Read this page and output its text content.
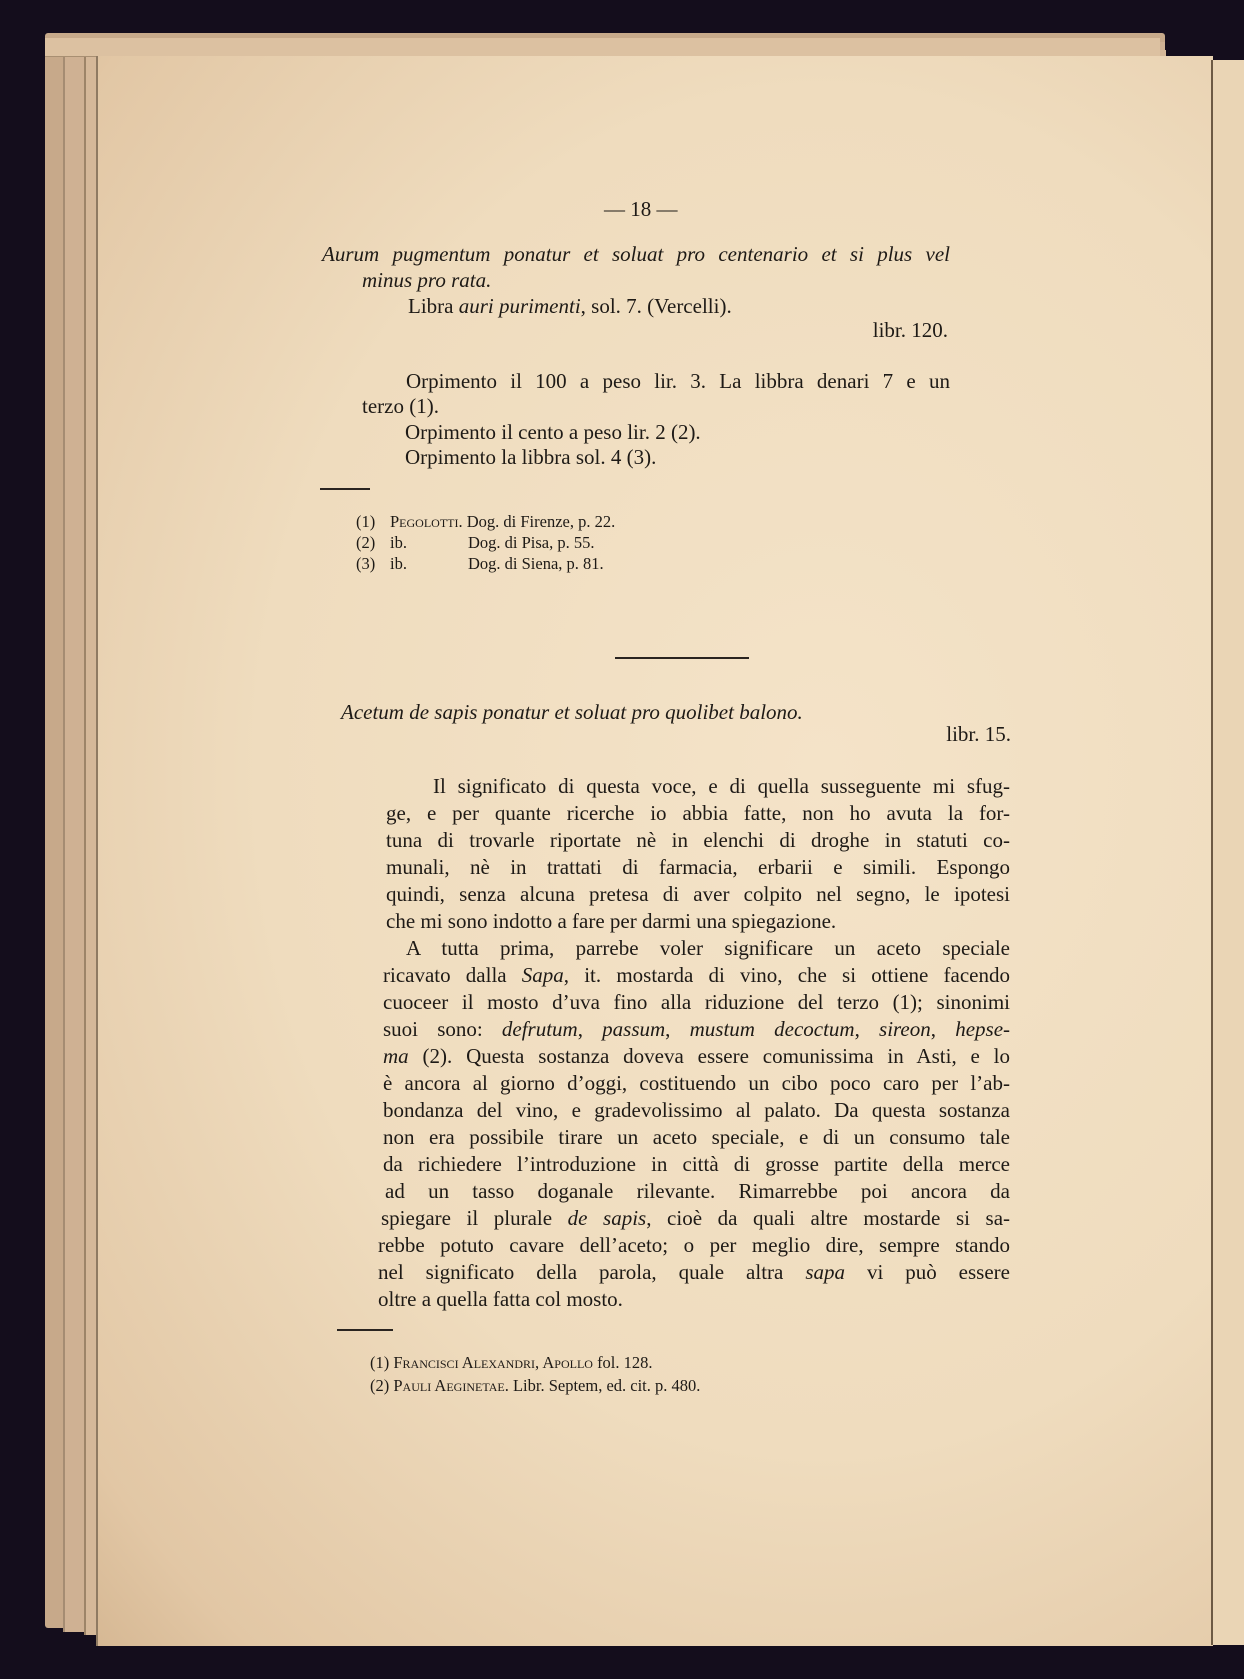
— 18 —
Aurum pugmentum ponatur et soluat pro centenario et si plus vel
minus pro rata.
Libra auri purimenti, sol. 7. (Vercelli).
libr. 120.
Orpimento il 100 a peso lir. 3. La libbra denari 7 e un
terzo (1).
Orpimento il cento a peso lir. 2 (2).
Orpimento la libbra sol. 4 (3).
(1) Pegolotti. Dog. di Firenze, p. 22.
(2) ib.	Dog. di Pisa, p. 55.
(3) ib.	Dog. di Siena, p. 81.
Acetum de sapis ponatur et soluat pro quolibet balono.
libr. 15.
Il significato di questa voce, e di quella susseguente mi sfug-
ge, e per quante ricerche io abbia fatte, non ho avuta la for-
tuna di trovarle riportate nè in elenchi di droghe in statuti co-
munali, nè in trattati di farmacia, erbarii e simili. Espongo
quindi, senza alcuna pretesa di aver colpito nel segno, le ipotesi
che mi sono indotto a fare per darmi una spiegazione.
A tutta prima, parrebe voler significare un aceto speciale
ricavato dalla Sapa, it. mostarda di vino, che si ottiene facendo
cuoceer il mosto d’uva fino alla riduzione del terzo (1); sinonimi
suoi sono: defrutum, passum, mustum decoctum, sireon, hepse-
ma (2). Questa sostanza doveva essere comunissima in Asti, e lo
è ancora al giorno d’oggi, costituendo un cibo poco caro per l’ab-
bondanza del vino, e gradevolissimo al palato. Da questa sostanza
non era possibile tirare un aceto speciale, e di un consumo tale
da richiedere l’introduzione in città di grosse partite della merce
ad un tasso doganale rilevante. Rimarrebbe poi ancora da
spiegare il plurale de sapis, cioè da quali altre mostarde si sa-
rebbe potuto cavare dell’aceto; o per meglio dire, sempre stando
nel significato della parola, quale altra sapa vi può essere
oltre a quella fatta col mosto.
(1) Francisci Alexandri, Apollo fol. 128.
(2) Pauli Aeginetae. Libr. Septem, ed. cit. p. 480.
